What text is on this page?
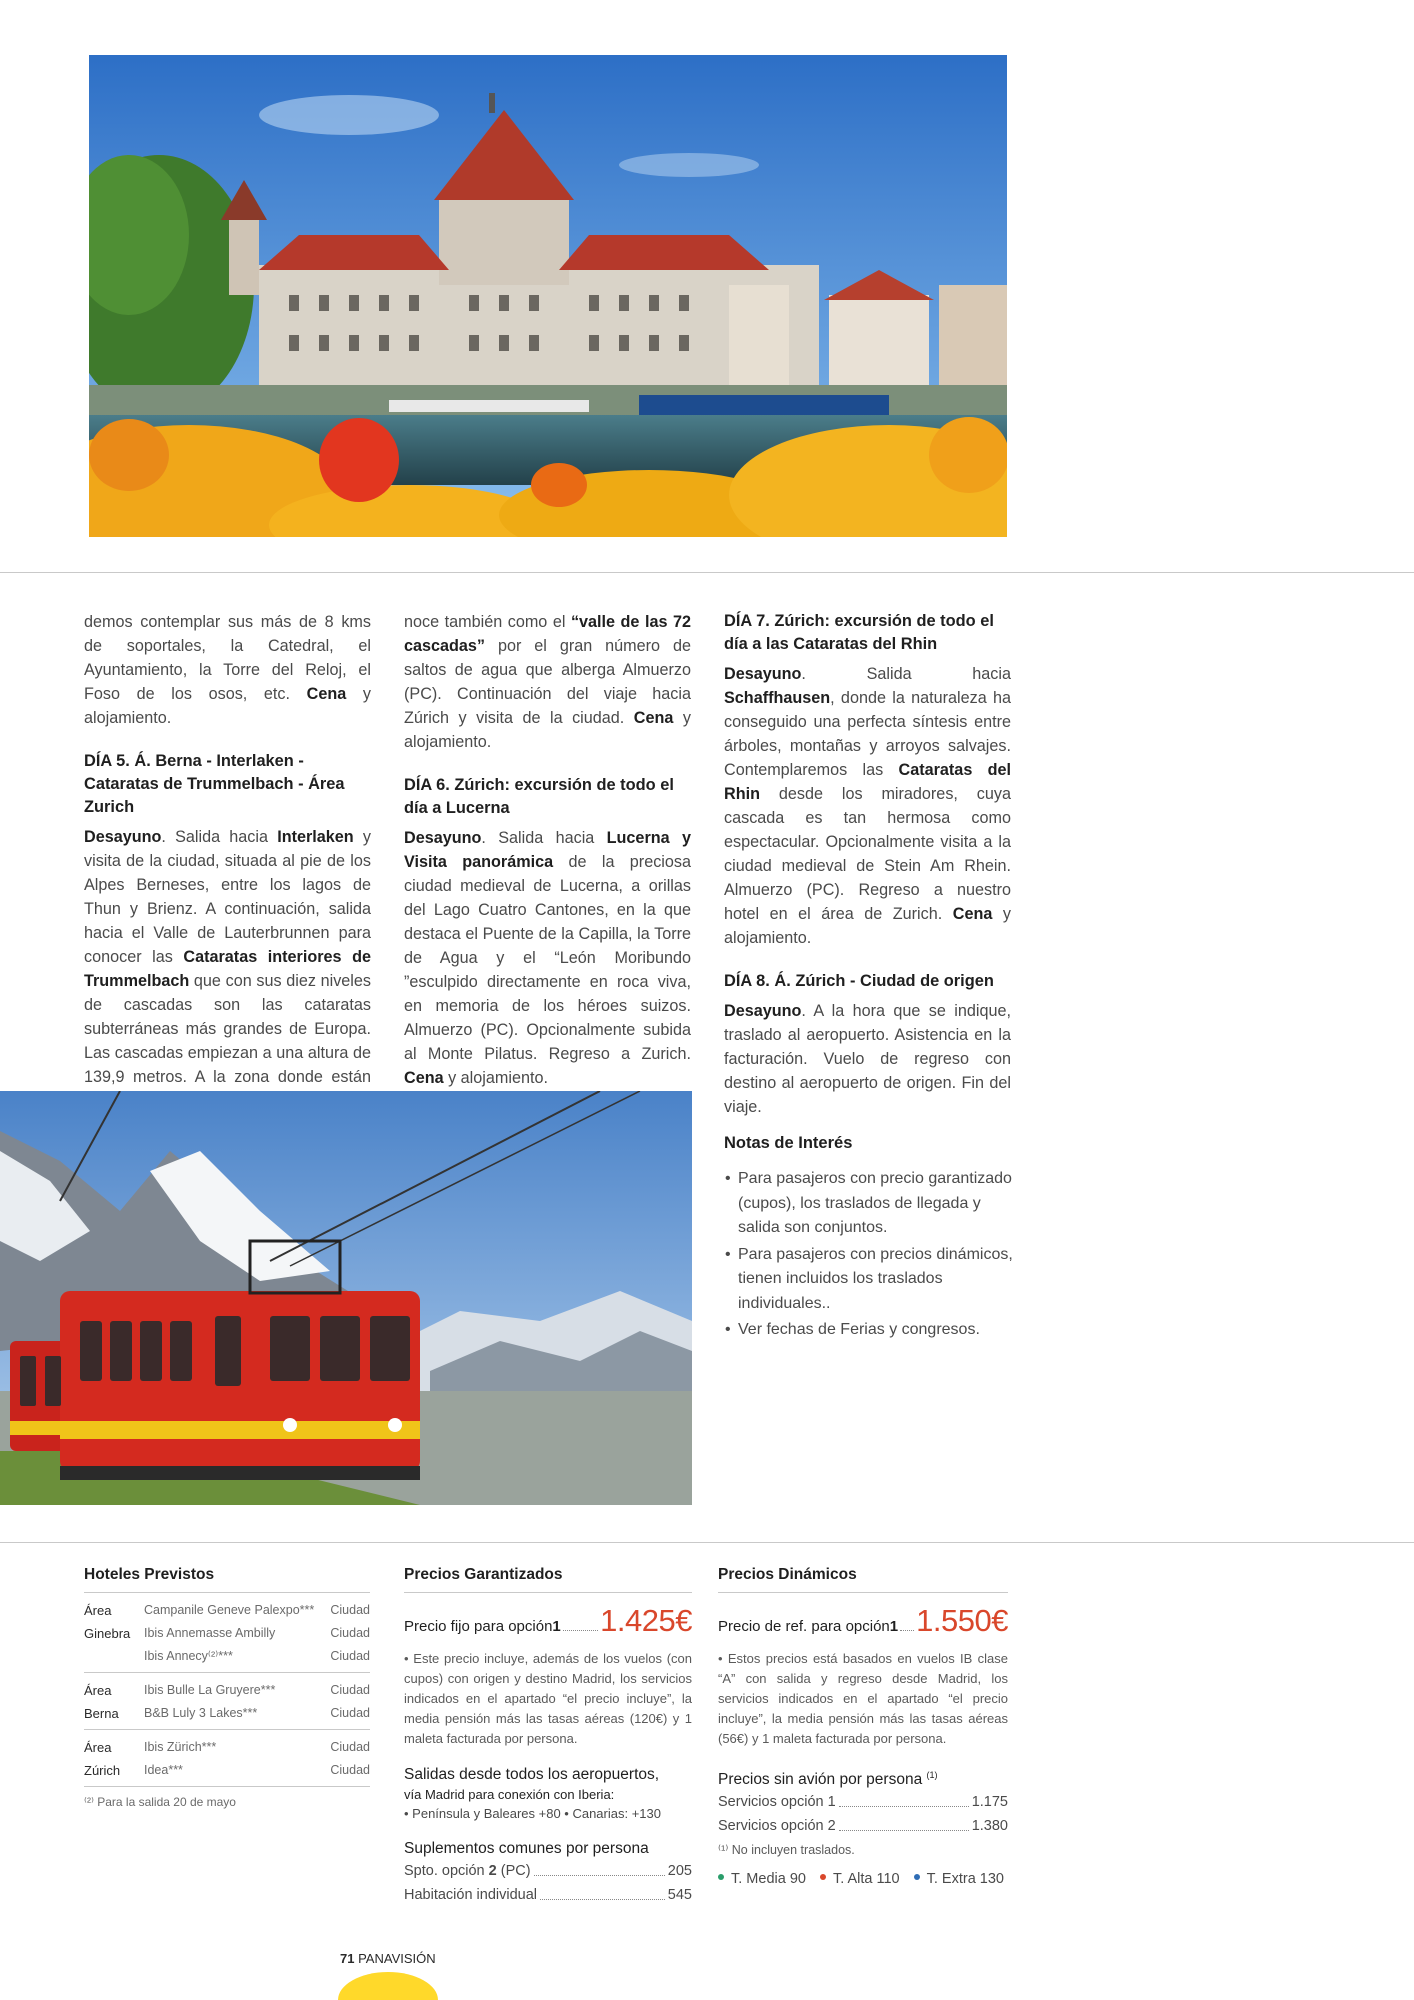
demos contemplar sus más de 8 kms de soportales, la Catedral, el Ayuntamiento, la Torre del Reloj, el Foso de los osos, etc. Cena y alojamiento.

DÍA 5. Á. Berna - Interlaken - Cataratas de Trummelbach - Área Zurich

Desayuno. Salida hacia Interlaken y visita de la ciudad, situada al pie de los Alpes Berneses, entre los lagos de Thun y Brienz. A continuación, salida hacia el Valle de Lauterbrunnen para conocer las Cataratas interiores de Trummelbach que con sus diez niveles de cascadas son las cataratas subterráneas más grandes de Europa. Las cascadas empiezan a una altura de 139,9 metros. A la zona donde están

noce también como el “valle de las 72 cascadas” por el gran número de saltos de agua que alberga Almuerzo (PC). Continuación del viaje hacia Zúrich y visita de la ciudad. Cena y alojamiento.

DÍA 6. Zúrich: excursión de todo el día a Lucerna

Desayuno. Salida hacia Lucerna y Visita panorámica de la preciosa ciudad medieval de Lucerna, a orillas del Lago Cuatro Cantones, en la que destaca el Puente de la Capilla, la Torre de Agua y el “León Moribundo ”esculpido directamente en roca viva, en memoria de los héroes suizos. Almuerzo (PC). Opcionalmente subida al Monte Pilatus. Regreso a Zurich. Cena y alojamiento.

DÍA 7. Zúrich: excursión de todo el día a las Cataratas del Rhin

Desayuno. Salida hacia Schaffhausen, donde la naturaleza ha conseguido una perfecta síntesis entre árboles, montañas y arroyos salvajes. Contemplaremos las Cataratas del Rhin desde los miradores, cuya cascada es tan hermosa como espectacular. Opcionalmente visita a la ciudad medieval de Stein Am Rhein. Almuerzo (PC). Regreso a nuestro hotel en el área de Zurich. Cena y alojamiento.

DÍA 8. Á. Zúrich - Ciudad de origen

Desayuno. A la hora que se indique, traslado al aeropuerto. Asistencia en la facturación. Vuelo de regreso con destino al aeropuerto de origen. Fin del viaje.

Notas de Interés
• Para pasajeros con precio garantizado (cupos), los traslados de llegada y salida son conjuntos.
• Para pasajeros con precios dinámicos, tienen incluidos los traslados individuales..
• Ver fechas de Ferias y congresos.
Hoteles Previstos
Área	Campanile Geneve Palexpo***	Ciudad
Ginebra	Ibis Annemasse Ambilly	Ciudad
Ibis Annecy⁽²⁾***	Ciudad
Área	Ibis Bulle La Gruyere***	Ciudad
Berna	B&B Luly 3 Lakes***	Ciudad
Área	Ibis Zürich***	Ciudad
Zúrich	Idea***	Ciudad

⁽²⁾ Para la salida 20 de mayo

Precios Garantizados
Precio fijo para opción 1 1.425€

• Este precio incluye, además de los vuelos (con cupos) con origen y destino Madrid, los servicios indicados en el apartado “el precio incluye”, la media pensión más las tasas aéreas (120€) y 1 maleta facturada por persona.

Salidas desde todos los aeropuertos,

vía Madrid para conexión con Iberia:

• Península y Baleares +80 • Canarias: +130

Suplementos comunes por persona

Spto. opción 2 (PC)	205
Habitación individual	545
Precios Dinámicos
Precio de ref. para opción 1 1.550€

• Estos precios está basados en vuelos IB clase “A” con salida y regreso desde Madrid, los servicios indicados en el apartado “el precio incluye”, la media pensión más las tasas aéreas (56€) y 1 maleta facturada por persona.

Precios sin avión por persona $^{(1)}$

Servicios opción 1	1.175
Servicios opción 2	1.380

⁽¹⁾ No incluyen traslados.

T. Media 90	T. Alta 110	T. Extra 130
71 PANAVISIÓN
